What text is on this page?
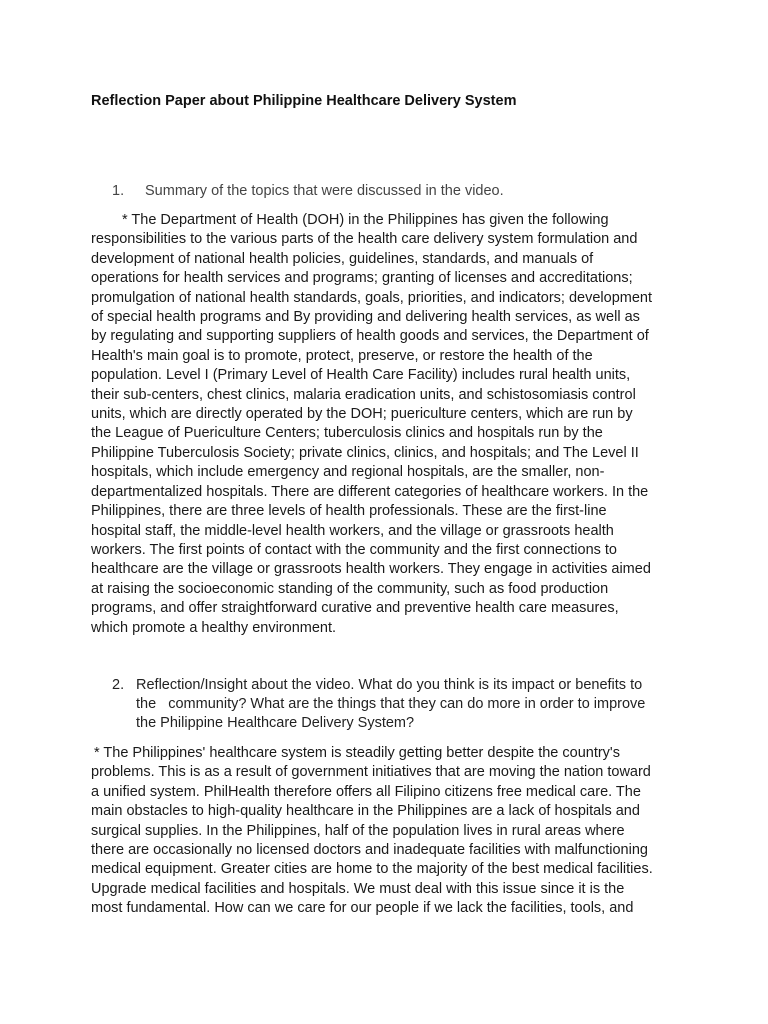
Reflection Paper about Philippine Healthcare Delivery System
1. Summary of the topics that were discussed in the video.
* The Department of Health (DOH) in the Philippines has given the following
responsibilities to the various parts of the health care delivery system formulation and
development of national health policies, guidelines, standards, and manuals of
operations for health services and programs; granting of licenses and accreditations;
promulgation of national health standards, goals, priorities, and indicators; development
of special health programs and By providing and delivering health services, as well as
by regulating and supporting suppliers of health goods and services, the Department of
Health's main goal is to promote, protect, preserve, or restore the health of the
population. Level I (Primary Level of Health Care Facility) includes rural health units,
their sub-centers, chest clinics, malaria eradication units, and schistosomiasis control
units, which are directly operated by the DOH; puericulture centers, which are run by
the League of Puericulture Centers; tuberculosis clinics and hospitals run by the
Philippine Tuberculosis Society; private clinics, clinics, and hospitals; and The Level II
hospitals, which include emergency and regional hospitals, are the smaller, non-
departmentalized hospitals. There are different categories of healthcare workers. In the
Philippines, there are three levels of health professionals. These are the first-line
hospital staff, the middle-level health workers, and the village or grassroots health
workers. The first points of contact with the community and the first connections to
healthcare are the village or grassroots health workers. They engage in activities aimed
at raising the socioeconomic standing of the community, such as food production
programs, and offer straightforward curative and preventive health care measures,
which promote a healthy environment.
2. Reflection/Insight about the video. What do you think is its impact or benefits to
the   community? What are the things that they can do more in order to improve
the Philippine Healthcare Delivery System?
* The Philippines' healthcare system is steadily getting better despite the country's
problems. This is as a result of government initiatives that are moving the nation toward
a unified system. PhilHealth therefore offers all Filipino citizens free medical care. The
main obstacles to high-quality healthcare in the Philippines are a lack of hospitals and
surgical supplies. In the Philippines, half of the population lives in rural areas where
there are occasionally no licensed doctors and inadequate facilities with malfunctioning
medical equipment. Greater cities are home to the majority of the best medical facilities.
Upgrade medical facilities and hospitals. We must deal with this issue since it is the
most fundamental. How can we care for our people if we lack the facilities, tools, and
